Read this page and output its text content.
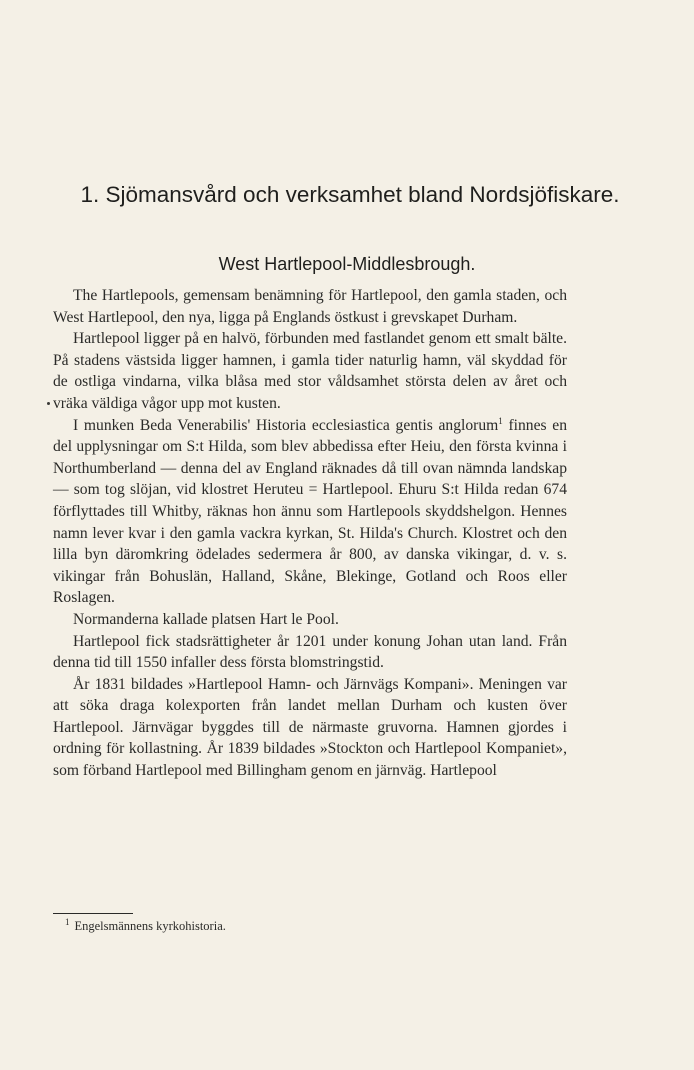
1. Sjömansvård och verksamhet bland Nordsjöfiskare.
West Hartlepool-Middlesbrough.

The Hartlepools, gemensam benämning för Hartlepool, den gamla staden, och West Hartlepool, den nya, ligga på Englands östkust i grevskapet Durham.

Hartlepool ligger på en halvö, förbunden med fastlandet genom ett smalt bälte. På stadens västsida ligger hamnen, i gamla tider naturlig hamn, väl skyddad för de ostliga vindarna, vilka blåsa med stor våldsamhet största delen av året och vräka väldiga vågor upp mot kusten.

I munken Beda Venerabilis' Historia ecclesiastica gentis anglorum$^1$ finnes en del upplysningar om S:t Hilda, som blev abbedissa efter Heiu, den första kvinna i Northumberland — denna del av England räknades då till ovan nämnda landskap — som tog slöjan, vid klostret Heruteu = Hartlepool. Ehuru S:t Hilda redan 674 förflyttades till Whitby, räknas hon ännu som Hartlepools skyddshelgon. Hennes namn lever kvar i den gamla vackra kyrkan, St. Hilda's Church. Klostret och den lilla byn däromkring ödelades sedermera år 800, av danska vikingar, d. v. s. vikingar från Bohuslän, Halland, Skåne, Blekinge, Gotland och Roos eller Roslagen.

Normanderna kallade platsen Hart le Pool.

Hartlepool fick stadsrättigheter år 1201 under konung Johan utan land. Från denna tid till 1550 infaller dess första blomstringstid.

År 1831 bildades »Hartlepool Hamn- och Järnvägs Kompani». Meningen var att söka draga kolexporten från landet mellan Durham och kusten över Hartlepool. Järnvägar byggdes till de närmaste gruvorna. Hamnen gjordes i ordning för kollastning. År 1839 bildades »Stockton och Hartlepool Kompaniet», som förband Hartlepool med Billingham genom en järnväg. Hartlepool

$^1$ Engelsmännens kyrkohistoria.
